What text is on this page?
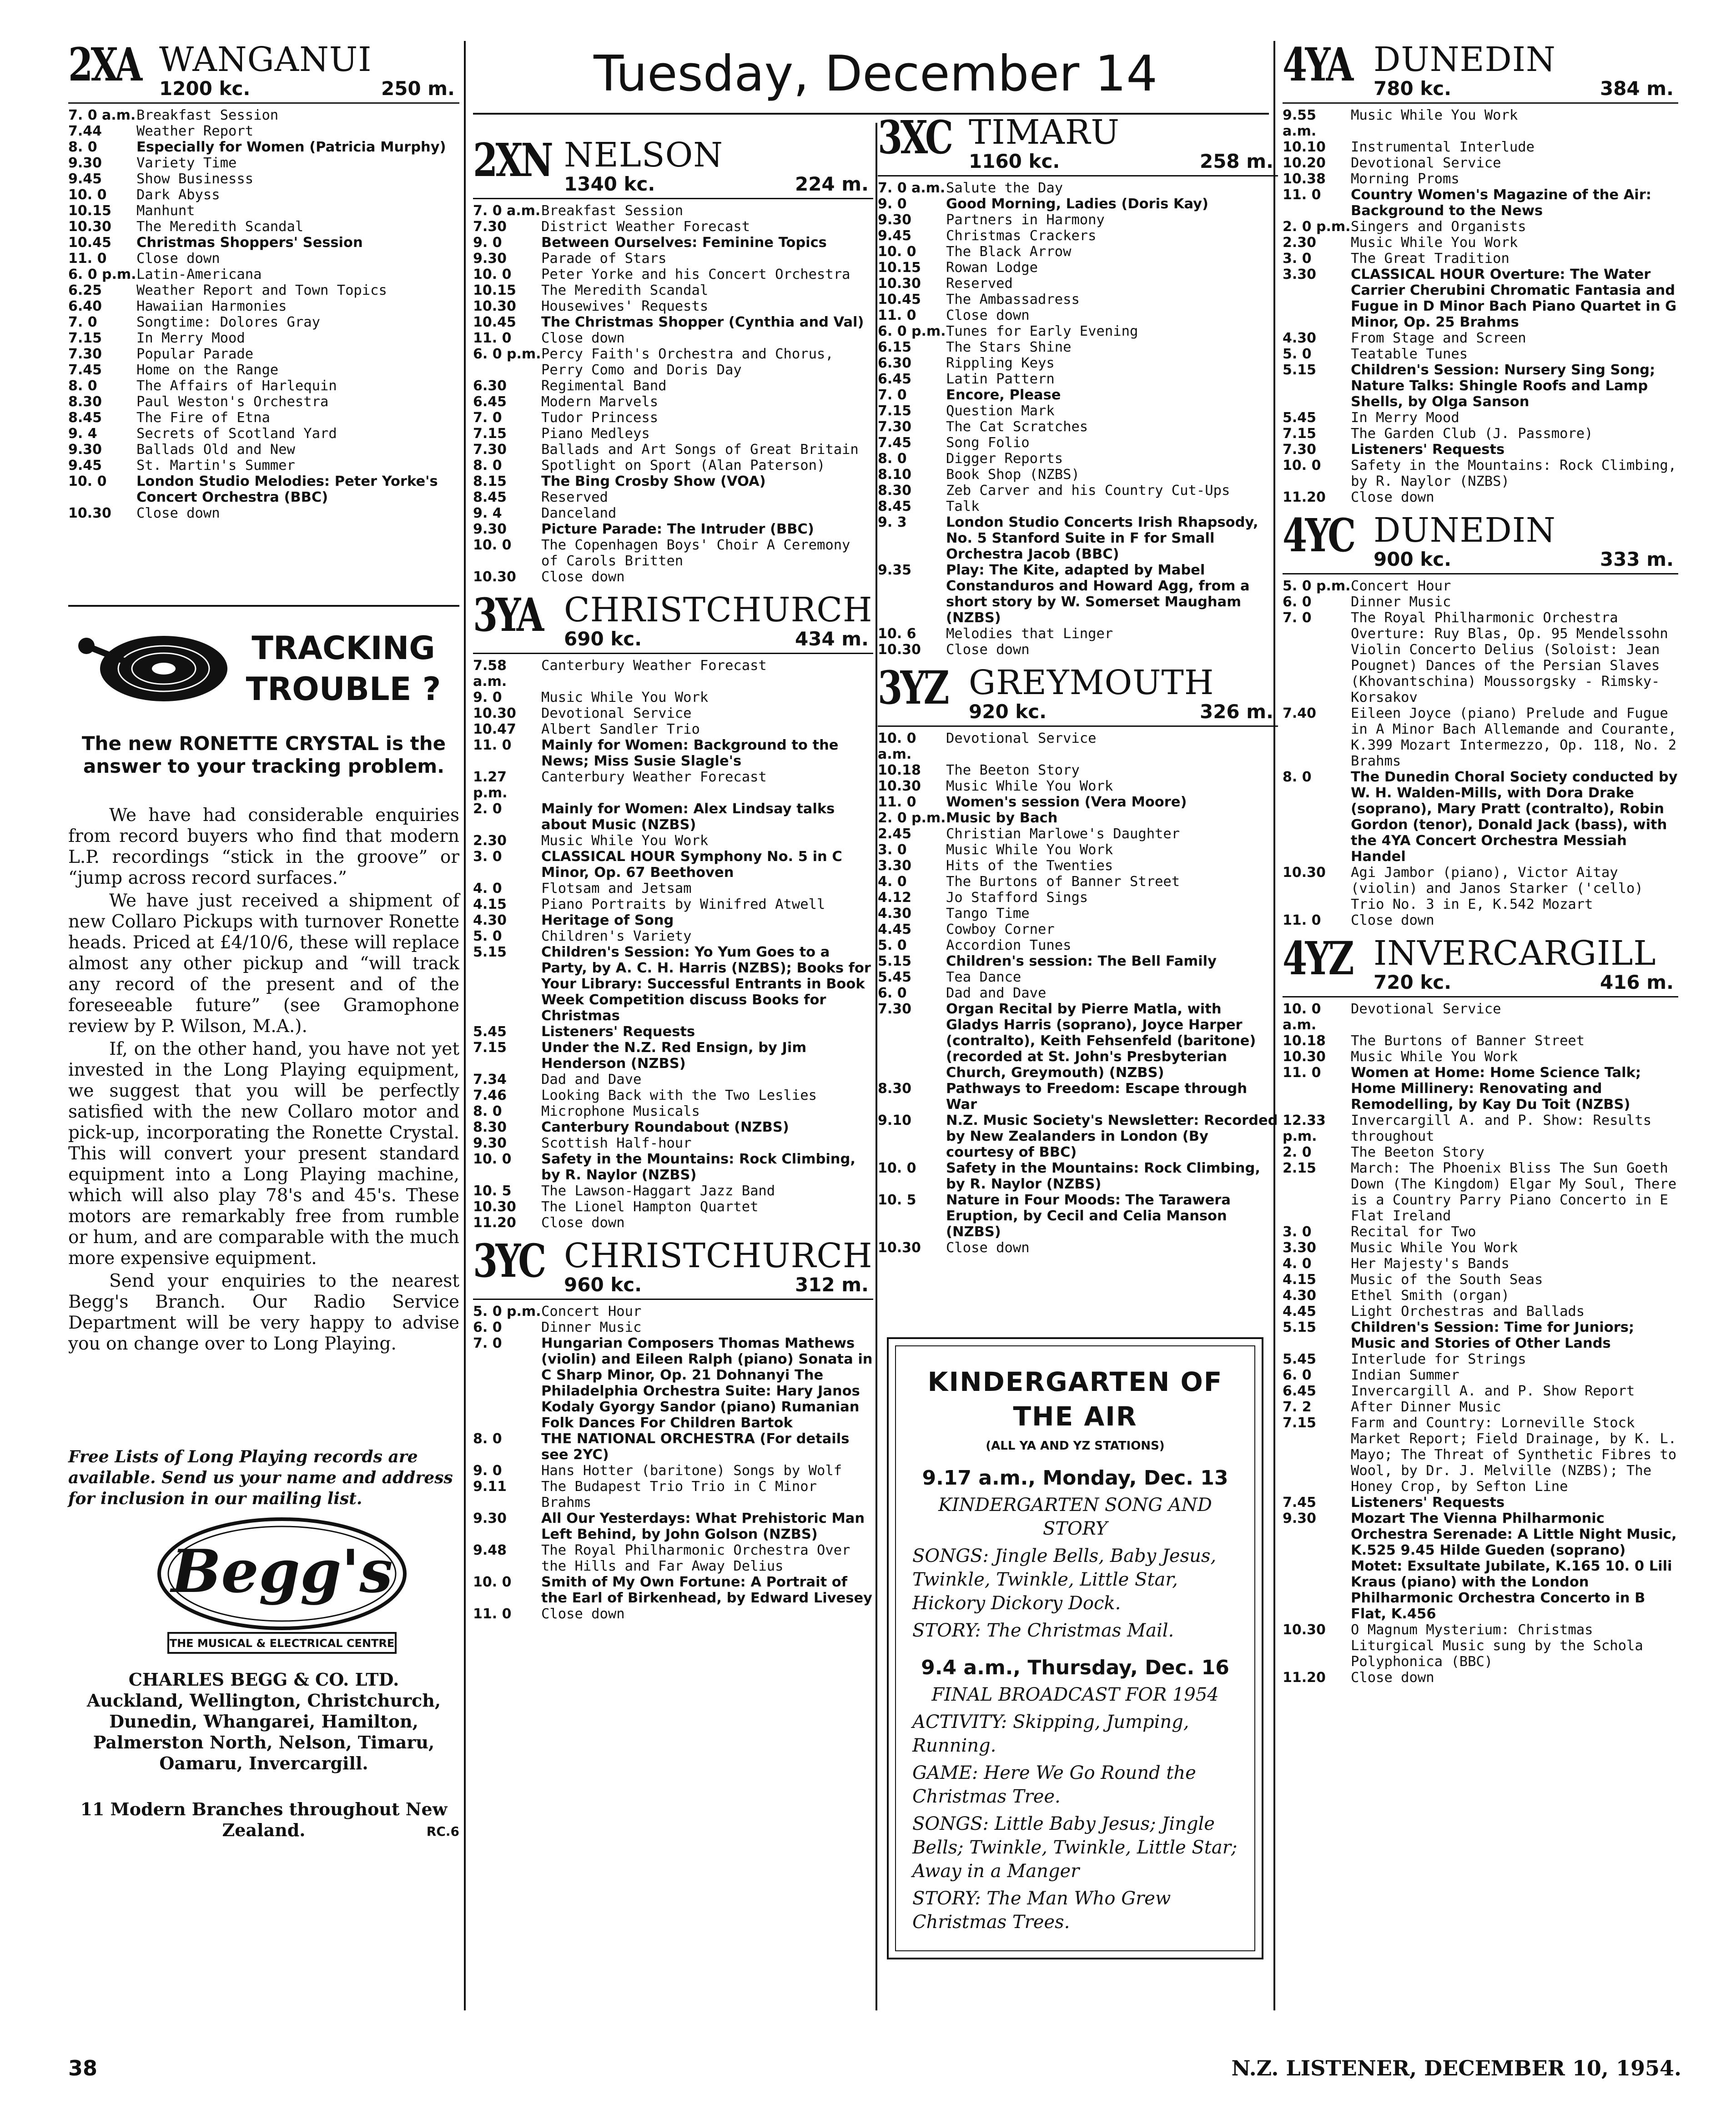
Tuesday, December 14
2XA WANGANUI
1200 kc.	250 m.
7. 0 a.m. Breakfast Session
7.44	Weather Report
8. 0	Especially for Women (Patricia Murphy)
9.30	Variety Time
9.45	Show Businesss
10. 0	Dark Abyss
10.15	Manhunt
10.30	The Meredith Scandal
10.45	Christmas Shoppers' Session
11. 0	Close down
6. 0 p.m. Latin-Americana
6.25	Weather Report and Town Topics
6.40	Hawaiian Harmonies
7. 0	Songtime: Dolores Gray
7.15	In Merry Mood
7.30	Popular Parade
7.45	Home on the Range
8. 0	The Affairs of Harlequin
8.30	Paul Weston's Orchestra
8.45	The Fire of Etna
9. 4	Secrets of Scotland Yard
9.30	Ballads Old and New
9.45	St. Martin's Summer
10. 0	London Studio Melodies: Peter Yorke's Concert Orchestra (BBC)
10.30	Close down
TRACKING
TROUBLE ?
The new RONETTE CRYSTAL is the answer to your tracking problem.

We have had considerable enquiries from record buyers who find that modern L.P. recordings “stick in the groove” or “jump across record surfaces.”

We have just received a shipment of new Collaro Pickups with turnover Ronette heads. Priced at £4/10/6, these will replace almost any other pickup and “will track any record of the present and of the foreseeable future” (see Gramophone review by P. Wilson, M.A.).

If, on the other hand, you have not yet invested in the Long Playing equipment, we suggest that you will be perfectly satisfied with the new Collaro motor and pick-up, incorporating the Ronette Crystal. This will convert your present standard equipment into a Long Playing machine, which will also play 78's and 45's. These motors are remarkably free from rumble or hum, and are comparable with the much more expensive equipment.

Send your enquiries to the nearest Begg's Branch. Our Radio Service Department will be very happy to advise you on change over to Long Playing.

Free Lists of Long Playing records are available. Send us your name and address for inclusion in our mailing list.
Begg's
THE MUSICAL & ELECTRICAL CENTRE
CHARLES BEGG & CO. LTD.
Auckland, Wellington, Christchurch, Dunedin, Whangarei, Hamilton, Palmerston North, Nelson, Timaru, Oamaru, Invercargill.
11 Modern Branches throughout New Zealand.	RC.6
2XN NELSON
1340 kc.	224 m.
7. 0 a.m. Breakfast Session
7.30	District Weather Forecast
9. 0	Between Ourselves: Feminine Topics
9.30	Parade of Stars
10. 0	Peter Yorke and his Concert Orchestra
10.15	The Meredith Scandal
10.30	Housewives' Requests
10.45	The Christmas Shopper (Cynthia and Val)
11. 0	Close down
6. 0 p.m. Percy Faith's Orchestra and Chorus, Perry Como and Doris Day
6.30	Regimental Band
6.45	Modern Marvels
7. 0	Tudor Princess
7.15	Piano Medleys
7.30	Ballads and Art Songs of Great Britain
8. 0	Spotlight on Sport (Alan Paterson)
8.15	The Bing Crosby Show (VOA)
8.45	Reserved
9. 4	Danceland
9.30	Picture Parade: The Intruder (BBC)
10. 0	The Copenhagen Boys' Choir A Ceremony of Carols Britten
10.30	Close down
3YA CHRISTCHURCH
690 kc.	434 m.
7.58 a.m.
Canterbury Weather Forecast
9. 0	Music While You Work
10.30	Devotional Service
10.47	Albert Sandler Trio
11. 0	Mainly for Women: Background to the News; Miss Susie Slagle's
1.27 p.m.
Canterbury Weather Forecast
2. 0	Mainly for Women: Alex Lindsay talks about Music (NZBS)
2.30	Music While You Work
3. 0	CLASSICAL HOUR Symphony No. 5 in C Minor, Op. 67 Beethoven
4. 0	Flotsam and Jetsam
4.15	Piano Portraits by Winifred Atwell
4.30	Heritage of Song
5. 0	Children's Variety
5.15	Children's Session: Yo Yum Goes to a Party, by A. C. H. Harris (NZBS); Books for Your Library: Successful Entrants in Book Week Competition discuss Books for Christmas
5.45	Listeners' Requests
7.15	Under the N.Z. Red Ensign, by Jim Henderson (NZBS)
7.34	Dad and Dave
7.46	Looking Back with the Two Leslies
8. 0	Microphone Musicals
8.30	Canterbury Roundabout (NZBS)
9.30	Scottish Half-hour
10. 0	Safety in the Mountains: Rock Climbing, by R. Naylor (NZBS)
10. 5	The Lawson-Haggart Jazz Band
10.30	The Lionel Hampton Quartet
11.20	Close down
3YC CHRISTCHURCH
960 kc.	312 m.
5. 0 p.m. Concert Hour
6. 0	Dinner Music
7. 0	Hungarian Composers Thomas Mathews (violin) and Eileen Ralph (piano) Sonata in C Sharp Minor, Op. 21 Dohnanyi The Philadelphia Orchestra Suite: Hary Janos Kodaly Gyorgy Sandor (piano) Rumanian Folk Dances For Children Bartok
8. 0	THE NATIONAL ORCHESTRA (For details see 2YC)
9. 0	Hans Hotter (baritone) Songs by Wolf
9.11	The Budapest Trio Trio in C Minor Brahms
9.30	All Our Yesterdays: What Prehistoric Man Left Behind, by John Golson (NZBS)
9.48	The Royal Philharmonic Orchestra Over the Hills and Far Away Delius
10. 0	Smith of My Own Fortune: A Portrait of the Earl of Birkenhead, by Edward Livesey
11. 0	Close down
3XC TIMARU
1160 kc.	258 m.
7. 0 a.m. Salute the Day
9. 0	Good Morning, Ladies (Doris Kay)
9.30	Partners in Harmony
9.45	Christmas Crackers
10. 0	The Black Arrow
10.15	Rowan Lodge
10.30	Reserved
10.45	The Ambassadress
11. 0	Close down
6. 0 p.m. Tunes for Early Evening
6.15	The Stars Shine
6.30	Rippling Keys
6.45	Latin Pattern
7. 0	Encore, Please
7.15	Question Mark
7.30	The Cat Scratches
7.45	Song Folio
8. 0	Digger Reports
8.10	Book Shop (NZBS)
8.30	Zeb Carver and his Country Cut-Ups
8.45	Talk
9. 3	London Studio Concerts Irish Rhapsody, No. 5 Stanford Suite in F for Small Orchestra Jacob (BBC)
9.35	Play: The Kite, adapted by Mabel Constanduros and Howard Agg, from a short story by W. Somerset Maugham (NZBS)
10. 6	Melodies that Linger
10.30	Close down
3YZ GREYMOUTH
920 kc.	326 m.
10. 0 a.m.
Devotional Service
10.18	The Beeton Story
10.30	Music While You Work
11. 0	Women's session (Vera Moore)
2. 0 p.m. Music by Bach
2.45	Christian Marlowe's Daughter
3. 0	Music While You Work
3.30	Hits of the Twenties
4. 0	The Burtons of Banner Street
4.12	Jo Stafford Sings
4.30	Tango Time
4.45	Cowboy Corner
5. 0	Accordion Tunes
5.15	Children's session: The Bell Family
5.45	Tea Dance
6. 0	Dad and Dave
7.30	Organ Recital by Pierre Matla, with Gladys Harris (soprano), Joyce Harper (contralto), Keith Fehsenfeld (baritone) (recorded at St. John's Presbyterian Church, Greymouth) (NZBS)
8.30	Pathways to Freedom: Escape through War
9.10	N.Z. Music Society's Newsletter: Recorded by New Zealanders in London (By courtesy of BBC)
10. 0	Safety in the Mountains: Rock Climbing, by R. Naylor (NZBS)
10. 5	Nature in Four Moods: The Tarawera Eruption, by Cecil and Celia Manson (NZBS)
10.30	Close down
KINDERGARTEN OF
THE AIR
(ALL YA AND YZ STATIONS)
9.17 a.m., Monday, Dec. 13
KINDERGARTEN SONG AND STORY
SONGS: Jingle Bells, Baby Jesus, Twinkle, Twinkle, Little Star, Hickory Dickory Dock.
STORY: The Christmas Mail.
9.4 a.m., Thursday, Dec. 16
FINAL BROADCAST FOR 1954
ACTIVITY: Skipping, Jumping, Running.
GAME: Here We Go Round the Christmas Tree.
SONGS: Little Baby Jesus; Jingle Bells; Twinkle, Twinkle, Little Star; Away in a Manger
STORY: The Man Who Grew Christmas Trees.
4YA DUNEDIN
780 kc.	384 m.
9.55 a.m.
Music While You Work
10.10	Instrumental Interlude
10.20	Devotional Service
10.38	Morning Proms
11. 0	Country Women's Magazine of the Air: Background to the News
2. 0 p.m. Singers and Organists
2.30	Music While You Work
3. 0	The Great Tradition
3.30	CLASSICAL HOUR Overture: The Water Carrier Cherubini Chromatic Fantasia and Fugue in D Minor Bach Piano Quartet in G Minor, Op. 25 Brahms
4.30	From Stage and Screen
5. 0	Teatable Tunes
5.15	Children's Session: Nursery Sing Song; Nature Talks: Shingle Roofs and Lamp Shells, by Olga Sanson
5.45	In Merry Mood
7.15	The Garden Club (J. Passmore)
7.30	Listeners' Requests
10. 0	Safety in the Mountains: Rock Climbing, by R. Naylor (NZBS)
11.20	Close down
4YC DUNEDIN
900 kc.	333 m.
5. 0 p.m. Concert Hour
6. 0	Dinner Music
7. 0	The Royal Philharmonic Orchestra Overture: Ruy Blas, Op. 95 Mendelssohn Violin Concerto Delius (Soloist: Jean Pougnet) Dances of the Persian Slaves (Khovantschina) Moussorgsky - Rimsky-Korsakov
7.40	Eileen Joyce (piano) Prelude and Fugue in A Minor Bach Allemande and Courante, K.399 Mozart Intermezzo, Op. 118, No. 2 Brahms
8. 0	The Dunedin Choral Society conducted by W. H. Walden-Mills, with Dora Drake (soprano), Mary Pratt (contralto), Robin Gordon (tenor), Donald Jack (bass), with the 4YA Concert Orchestra Messiah Handel
10.30	Agi Jambor (piano), Victor Aitay (violin) and Janos Starker ('cello) Trio No. 3 in E, K.542 Mozart
11. 0	Close down
4YZ INVERCARGILL
720 kc.	416 m.
10. 0 a.m.
Devotional Service
10.18	The Burtons of Banner Street
10.30	Music While You Work
11. 0	Women at Home: Home Science Talk; Home Millinery: Renovating and Remodelling, by Kay Du Toit (NZBS)
12.33 p.m.
Invercargill A. and P. Show: Results throughout
2. 0	The Beeton Story
2.15	March: The Phoenix Bliss The Sun Goeth Down (The Kingdom) Elgar My Soul, There is a Country Parry Piano Concerto in E Flat Ireland
3. 0	Recital for Two
3.30	Music While You Work
4. 0	Her Majesty's Bands
4.15	Music of the South Seas
4.30	Ethel Smith (organ)
4.45	Light Orchestras and Ballads
5.15	Children's Session: Time for Juniors; Music and Stories of Other Lands
5.45	Interlude for Strings
6. 0	Indian Summer
6.45	Invercargill A. and P. Show Report
7. 2	After Dinner Music
7.15	Farm and Country: Lorneville Stock Market Report; Field Drainage, by K. L. Mayo; The Threat of Synthetic Fibres to Wool, by Dr. J. Melville (NZBS); The Honey Crop, by Sefton Line
7.45	Listeners' Requests
9.30	Mozart The Vienna Philharmonic Orchestra Serenade: A Little Night Music, K.525 9.45 Hilde Gueden (soprano) Motet: Exsultate Jubilate, K.165 10. 0 Lili Kraus (piano) with the London Philharmonic Orchestra Concerto in B Flat, K.456
10.30	O Magnum Mysterium: Christmas Liturgical Music sung by the Schola Polyphonica (BBC)
11.20	Close down
38	N.Z. LISTENER, DECEMBER 10, 1954.
